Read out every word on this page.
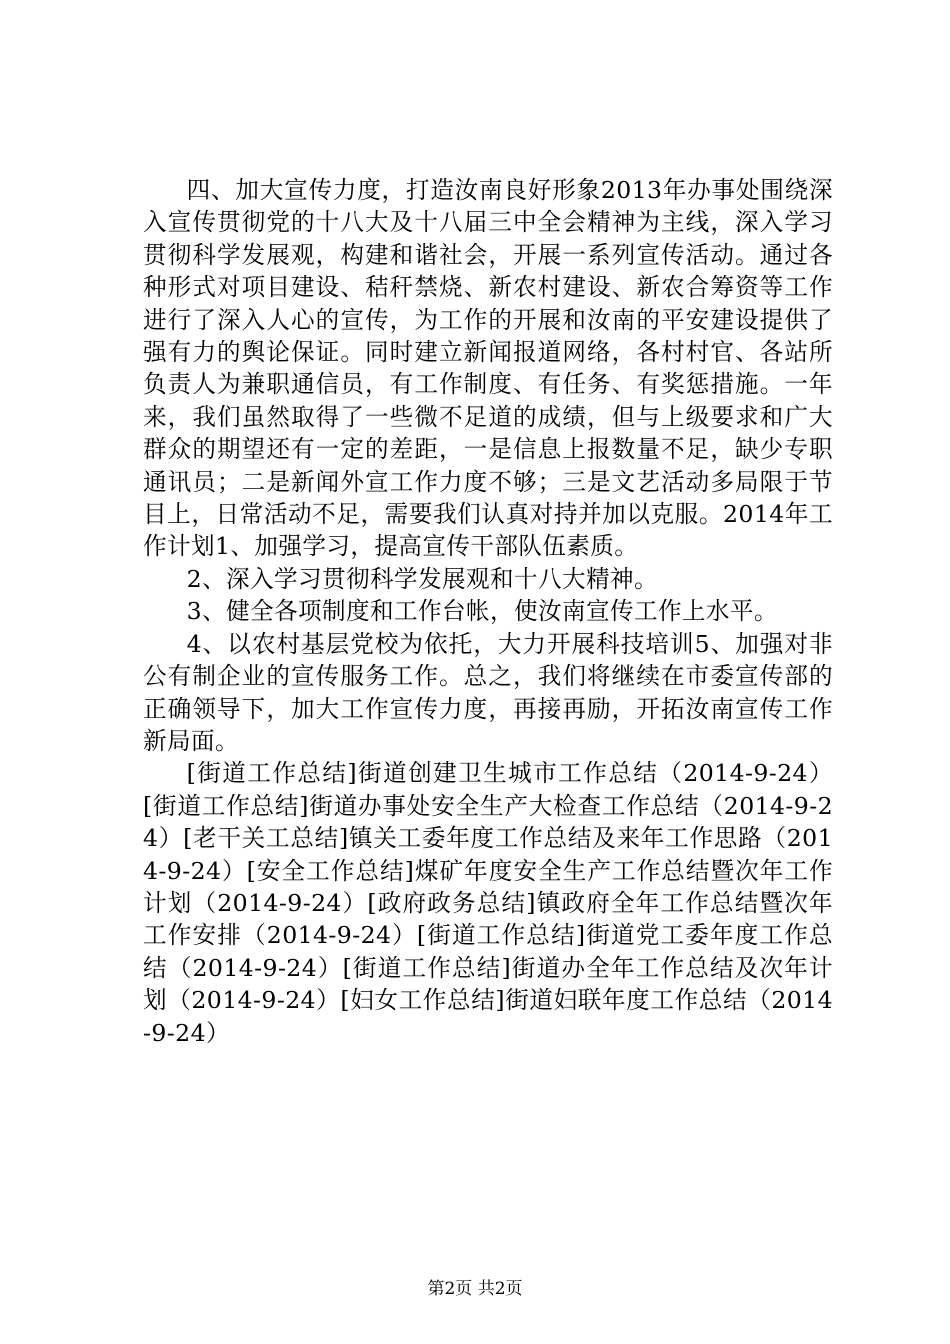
四、加大宣传力度，打造汝南良好形象2013年办事处围绕深入宣传贯彻党的十八大及十八届三中全会精神为主线，深入学习贯彻科学发展观，构建和谐社会，开展一系列宣传活动。通过各种形式对项目建设、秸秆禁烧、新农村建设、新农合筹资等工作进行了深入人心的宣传，为工作的开展和汝南的平安建设提供了强有力的舆论保证。同时建立新闻报道网络，各村村官、各站所负责人为兼职通信员，有工作制度、有任务、有奖惩措施。一年来，我们虽然取得了一些微不足道的成绩，但与上级要求和广大群众的期望还有一定的差距，一是信息上报数量不足，缺少专职通讯员；二是新闻外宣工作力度不够；三是文艺活动多局限于节目上，日常活动不足，需要我们认真对持并加以克服。2014年工作计划1、加强学习，提高宣传干部队伍素质。

2、深入学习贯彻科学发展观和十八大精神。

3、健全各项制度和工作台帐，使汝南宣传工作上水平。

4、以农村基层党校为依托，大力开展科技培训5、加强对非公有制企业的宣传服务工作。总之，我们将继续在市委宣传部的正确领导下，加大工作宣传力度，再接再励，开拓汝南宣传工作新局面。

[街道工作总结]街道创建卫生城市工作总结（2014-9-24）[街道工作总结]街道办事处安全生产大检查工作总结（2014-9-24）[老干关工总结]镇关工委年度工作总结及来年工作思路（2014-9-24）[安全工作总结]煤矿年度安全生产工作总结暨次年工作计划（2014-9-24）[政府政务总结]镇政府全年工作总结暨次年工作安排（2014-9-24）[街道工作总结]街道党工委年度工作总结（2014-9-24）[街道工作总结]街道办全年工作总结及次年计划（2014-9-24）[妇女工作总结]街道妇联年度工作总结（2014-9-24）

第2页 共2页
